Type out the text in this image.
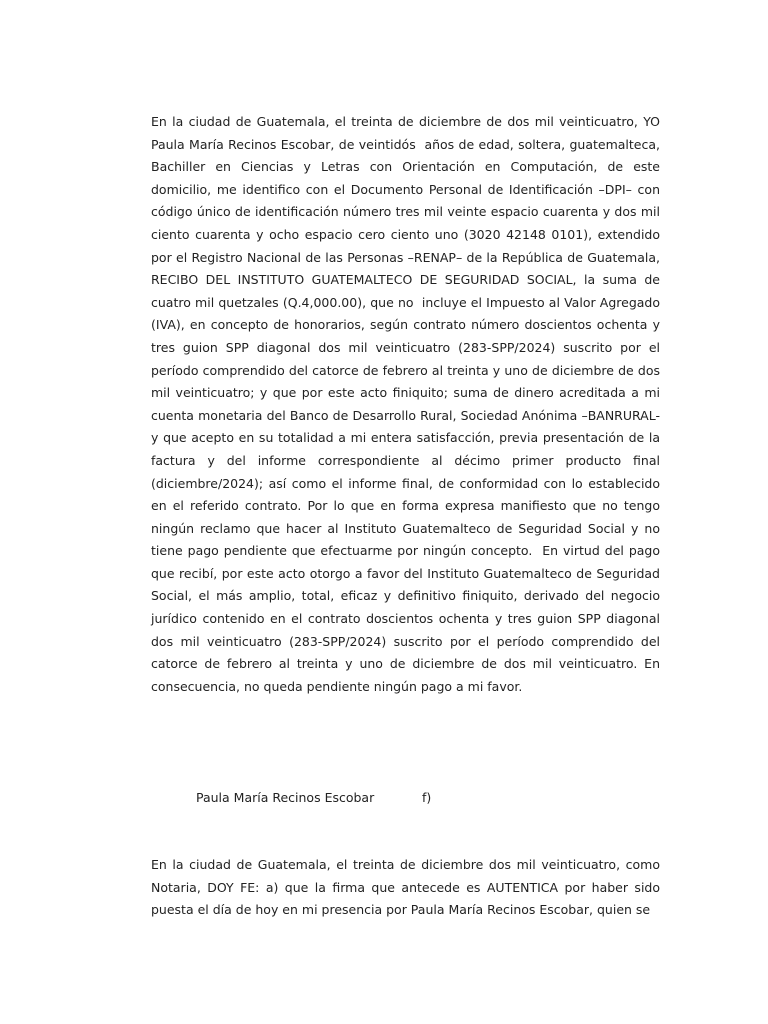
En la ciudad de Guatemala, el treinta de diciembre de dos mil veinticuatro, YO Paula María Recinos Escobar, de veintidós  años de edad, soltera, guatemalteca, Bachiller en Ciencias y Letras con Orientación en Computación, de este domicilio, me identifico con el Documento Personal de Identificación –DPI– con código único de identificación número tres mil veinte espacio cuarenta y dos mil ciento cuarenta y ocho espacio cero ciento uno (3020 42148 0101), extendido por el Registro Nacional de las Personas –RENAP– de la República de Guatemala, RECIBO DEL INSTITUTO GUATEMALTECO DE SEGURIDAD SOCIAL, la suma de cuatro mil quetzales (Q.4,000.00), que no  incluye el Impuesto al Valor Agregado (IVA), en concepto de honorarios, según contrato número doscientos ochenta y tres guion SPP diagonal dos mil veinticuatro (283-SPP/2024) suscrito por el período comprendido del catorce de febrero al treinta y uno de diciembre de dos mil veinticuatro; y que por este acto finiquito; suma de dinero acreditada a mi cuenta monetaria del Banco de Desarrollo Rural, Sociedad Anónima –BANRURAL- y que acepto en su totalidad a mi entera satisfacción, previa presentación de la factura y del informe correspondiente al décimo primer producto final (diciembre/2024); así como el informe final, de conformidad con lo establecido en el referido contrato. Por lo que en forma expresa manifiesto que no tengo ningún reclamo que hacer al Instituto Guatemalteco de Seguridad Social y no tiene pago pendiente que efectuarme por ningún concepto.  En virtud del pago que recibí, por este acto otorgo a favor del Instituto Guatemalteco de Seguridad Social, el más amplio, total, eficaz y definitivo finiquito, derivado del negocio jurídico contenido en el contrato doscientos ochenta y tres guion SPP diagonal dos mil veinticuatro (283-SPP/2024) suscrito por el período comprendido del catorce de febrero al treinta y uno de diciembre de dos mil veinticuatro. En consecuencia, no queda pendiente ningún pago a mi favor.

Paula María Recinos Escobar	f)

En la ciudad de Guatemala, el treinta de diciembre dos mil veinticuatro, como Notaria, DOY FE: a) que la firma que antecede es AUTENTICA por haber sido puesta el día de hoy en mi presencia por Paula María Recinos Escobar, quien se
